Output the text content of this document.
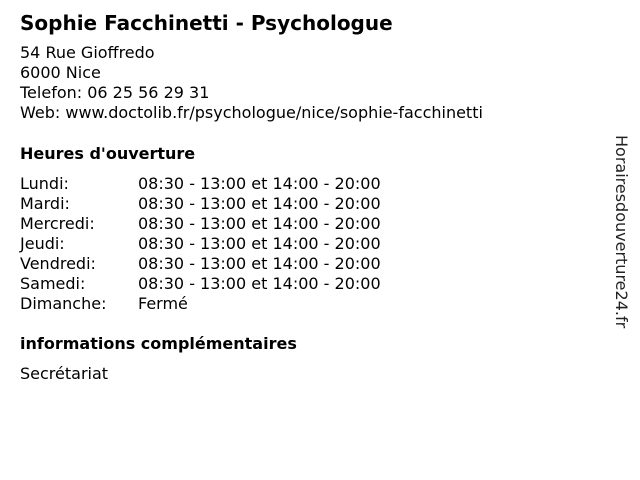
Sophie Facchinetti - Psychologue
54 Rue Gioffredo
6000 Nice
Telefon: 06 25 56 29 31
Web: www.doctolib.fr/psychologue/nice/sophie-facchinetti
Heures d'ouverture
Lundi:	08:30 - 13:00 et 14:00 - 20:00
Mardi:	08:30 - 13:00 et 14:00 - 20:00
Mercredi:	08:30 - 13:00 et 14:00 - 20:00
Jeudi:	08:30 - 13:00 et 14:00 - 20:00
Vendredi:	08:30 - 13:00 et 14:00 - 20:00
Samedi:	08:30 - 13:00 et 14:00 - 20:00
Dimanche:	Fermé
informations complémentaires
Secrétariat
Horairesdouverture24.fr
